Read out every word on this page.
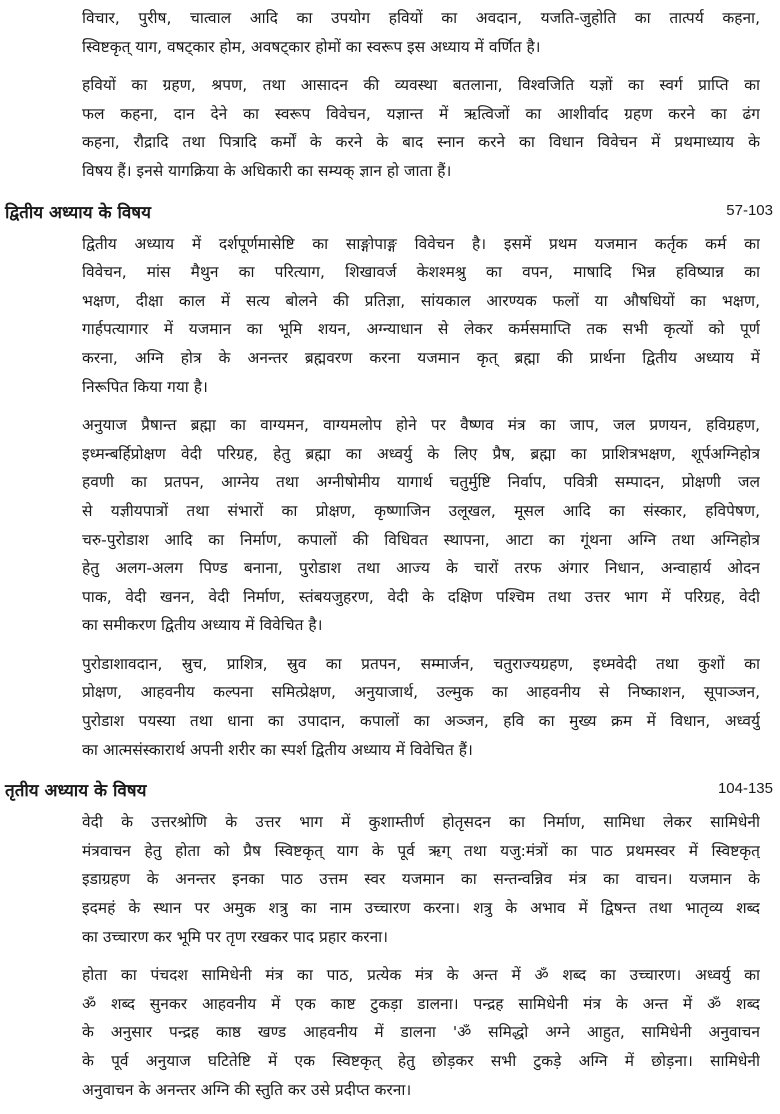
विचार, पुरीष, चात्वाल आदि का उपयोग हवियों का अवदान, यजति-जुहोति का तात्पर्य कहना,
स्विष्टकृत् याग, वषट्कार होम, अवषट्कार होमों का स्वरूप इस अध्याय में वर्णित है।
हवियों का ग्रहण, श्रपण, तथा आसादन की व्यवस्था बतलाना, विश्वजिति यज्ञों का स्वर्ग प्राप्ति का
फल कहना, दान देने का स्वरूप विवेचन, यज्ञान्त में ऋत्विजों का आशीर्वाद ग्रहण करने का ढंग
कहना, रौद्रादि तथा पित्रादि कर्मों के करने के बाद स्नान करने का विधान विवेचन में प्रथमाध्याय के
विषय हैं। इनसे यागक्रिया के अधिकारी का सम्यक् ज्ञान हो जाता हैं।
द्वितीय अध्याय के विषय	57-103
द्वितीय अध्याय में दर्शपूर्णमासेष्टि का साङ्गोपाङ्ग विवेचन है। इसमें प्रथम यजमान कर्तृक कर्म का
विवेचन, मांस मैथुन का परित्याग, शिखावर्ज केशश्मश्रु का वपन, माषादि भिन्न हविष्यान्न का
भक्षण, दीक्षा काल में सत्य बोलने की प्रतिज्ञा, सांयकाल आरण्यक फलों या औषधियों का भक्षण,
गार्हपत्यागार में यजमान का भूमि शयन, अग्न्याधान से लेकर कर्मसमाप्ति तक सभी कृत्यों को पूर्ण
करना, अग्नि होत्र के अनन्तर ब्रह्मवरण करना यजमान कृत् ब्रह्मा की प्रार्थना द्वितीय अध्याय में
निरूपित किया गया है।
अनुयाज प्रैषान्त ब्रह्मा का वाग्यमन, वाग्यमलोप होने पर वैष्णव मंत्र का जाप, जल प्रणयन, हविग्रहण,
इध्मन्बर्हिप्रोक्षण वेदी परिग्रह, हेतु ब्रह्मा का अध्वर्यु के लिए प्रैष, ब्रह्मा का प्राशित्रभक्षण, शूर्पअग्निहोत्र
हवणी का प्रतपन, आग्नेय तथा अग्नीषोमीय यागार्थ चतुर्मुष्टि निर्वाप, पवित्री सम्पादन, प्रोक्षणी जल
से यज्ञीयपात्रों तथा संभारों का प्रोक्षण, कृष्णाजिन उलूखल, मूसल आदि का संस्कार, हविपेषण,
चरु-पुरोडाश आदि का निर्माण, कपालों की विधिवत स्थापना, आटा का गूंथना अग्नि तथा अग्निहोत्र
हेतु अलग-अलग पिण्ड बनाना, पुरोडाश तथा आज्य के चारों तरफ अंगार निधान, अन्वाहार्य ओदन
पाक, वेदी खनन, वेदी निर्माण, स्तंबयजुहरण, वेदी के दक्षिण पश्चिम तथा उत्तर भाग में परिग्रह, वेदी
का समीकरण द्वितीय अध्याय में विवेचित है।
पुरोडाशावदान, स्रुच, प्राशित्र, स्रुव का प्रतपन, सम्मार्जन, चतुराज्यग्रहण, इध्मवेदी तथा कुशों का
प्रोक्षण, आहवनीय कल्पना समित्प्रेक्षण, अनुयाजार्थ, उल्मुक का आहवनीय से निष्काशन, सूपाञ्जन,
पुरोडाश पयस्या तथा धाना का उपादान, कपालों का अञ्जन, हवि का मुख्य क्रम में विधान, अध्वर्यु
का आत्मसंस्कारार्थ अपनी शरीर का स्पर्श द्वितीय अध्याय में विवेचित हैं।
तृतीय अध्याय के विषय	104-135
वेदी के उत्तरश्रोणि के उत्तर भाग में कुशाम्तीर्ण होतृसदन का निर्माण, सामिधा लेकर सामिधेनी
मंत्रवाचन हेतु होता को प्रैष स्विष्टकृत् याग के पूर्व ऋग् तथा यजु:मंत्रों का पाठ प्रथमस्वर में स्विष्टकृत्
इडाग्रहण के अनन्तर इनका पाठ उत्तम स्वर यजमान का सन्तन्वन्निव मंत्र का वाचन। यजमान के
इदमहं के स्थान पर अमुक शत्रु का नाम उच्चारण करना। शत्रु के अभाव में द्विषन्त तथा भातृव्य शब्द
का उच्चारण कर भूमि पर तृण रखकर पाद प्रहार करना।
होता का पंचदश सामिधेनी मंत्र का पाठ, प्रत्येक मंत्र के अन्त में ॐ शब्द का उच्चारण। अध्वर्यु का
ॐ शब्द सुनकर आहवनीय में एक काष्ट टुकड़ा डालना। पन्द्रह सामिधेनी मंत्र के अन्त में ॐ शब्द
के अनुसार पन्द्रह काष्ठ खण्ड आहवनीय में डालना 'ॐ समिद्धो अग्ने आहुत, सामिधेनी अनुवाचन
के पूर्व अनुयाज घटितेष्टि में एक स्विष्टकृत् हेतु छोड़कर सभी टुकड़े अग्नि में छोड़ना। सामिधेनी
अनुवाचन के अनन्तर अग्नि की स्तुति कर उसे प्रदीप्त करना।
